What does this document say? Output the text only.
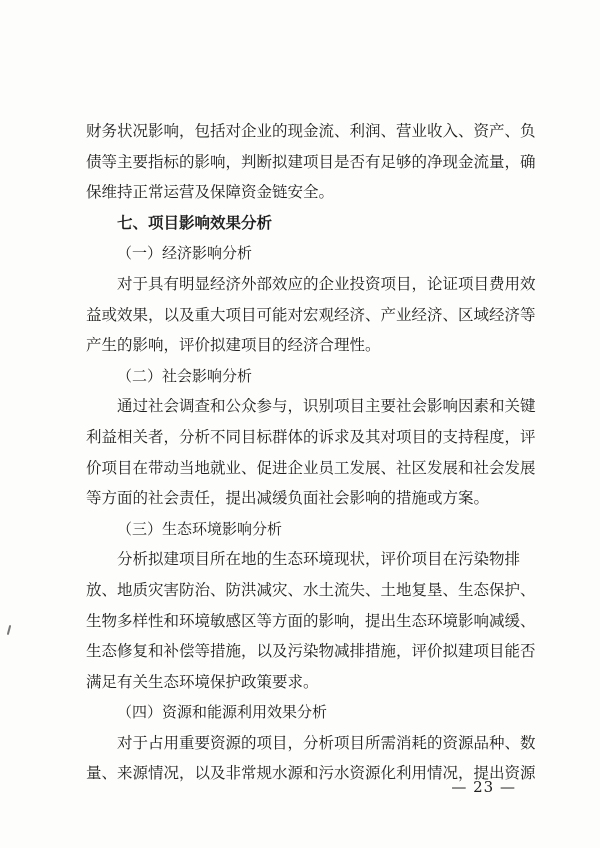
财务状况影响，包括对企业的现金流、利润、营业收入、资产、负
债等主要指标的影响，判断拟建项目是否有足够的净现金流量，确
保维持正常运营及保障资金链安全。
七、项目影响效果分析
（一）经济影响分析
对于具有明显经济外部效应的企业投资项目，论证项目费用效
益或效果，以及重大项目可能对宏观经济、产业经济、区域经济等
产生的影响，评价拟建项目的经济合理性。
（二）社会影响分析
通过社会调查和公众参与，识别项目主要社会影响因素和关键
利益相关者，分析不同目标群体的诉求及其对项目的支持程度，评
价项目在带动当地就业、促进企业员工发展、社区发展和社会发展
等方面的社会责任，提出减缓负面社会影响的措施或方案。
（三）生态环境影响分析
分析拟建项目所在地的生态环境现状，评价项目在污染物排
放、地质灾害防治、防洪减灾、水土流失、土地复垦、生态保护、
生物多样性和环境敏感区等方面的影响，提出生态环境影响减缓、
生态修复和补偿等措施，以及污染物减排措施，评价拟建项目能否
满足有关生态环境保护政策要求。
（四）资源和能源利用效果分析
对于占用重要资源的项目，分析项目所需消耗的资源品种、数
量、来源情况，以及非常规水源和污水资源化利用情况，提出资源
— 23 —
